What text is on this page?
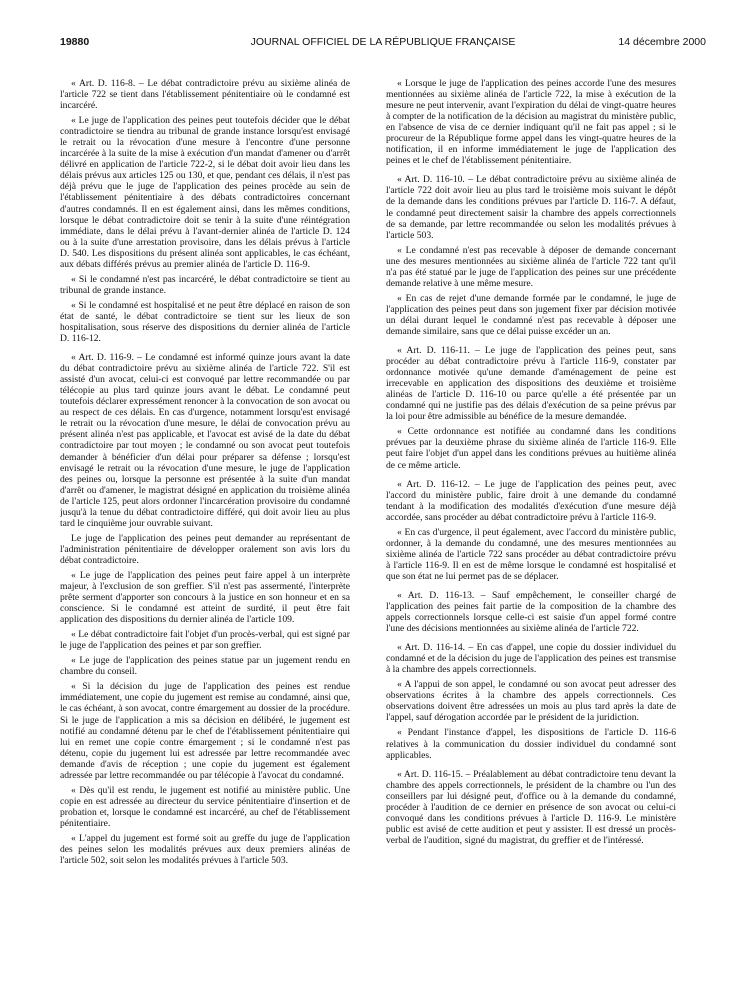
19880	JOURNAL OFFICIEL DE LA RÉPUBLIQUE FRANÇAISE	14 décembre 2000

« Art. D. 116-8. – Le débat contradictoire prévu au sixième alinéa de l'article 722 se tient dans l'établissement pénitentiaire où le condamné est incarcéré.

« Le juge de l'application des peines peut toutefois décider que le débat contradictoire se tiendra au tribunal de grande instance lorsqu'est envisagé le retrait ou la révocation d'une mesure à l'encontre d'une personne incarcérée à la suite de la mise à exécution d'un mandat d'amener ou d'arrêt délivré en application de l'article 722-2, si le débat doit avoir lieu dans les délais prévus aux articles 125 ou 130, et que, pendant ces délais, il n'est pas déjà prévu que le juge de l'application des peines procède au sein de l'établissement pénitentiaire à des débats contradictoires concernant d'autres condamnés. Il en est également ainsi, dans les mêmes conditions, lorsque le débat contradictoire doit se tenir à la suite d'une réintégration immédiate, dans le délai prévu à l'avant-dernier alinéa de l'article D. 124 ou à la suite d'une arrestation provisoire, dans les délais prévus à l'article D. 540. Les dispositions du présent alinéa sont applicables, le cas échéant, aux débats différés prévus au premier alinéa de l'article D. 116-9.

« Si le condamné n'est pas incarcéré, le débat contradictoire se tient au tribunal de grande instance.

« Si le condamné est hospitalisé et ne peut être déplacé en raison de son état de santé, le débat contradictoire se tient sur les lieux de son hospitalisation, sous réserve des dispositions du dernier alinéa de l'article D. 116-12.

« Art. D. 116-9. – Le condamné est informé quinze jours avant la date du débat contradictoire prévu au sixième alinéa de l'article 722. S'il est assisté d'un avocat, celui-ci est convoqué par lettre recommandée ou par télécopie au plus tard quinze jours avant le débat. Le condamné peut toutefois déclarer expressément renoncer à la convocation de son avocat ou au respect de ces délais. En cas d'urgence, notamment lorsqu'est envisagé le retrait ou la révocation d'une mesure, le délai de convocation prévu au présent alinéa n'est pas applicable, et l'avocat est avisé de la date du débat contradictoire par tout moyen ; le condamné ou son avocat peut toutefois demander à bénéficier d'un délai pour préparer sa défense ; lorsqu'est envisagé le retrait ou la révocation d'une mesure, le juge de l'application des peines ou, lorsque la personne est présentée à la suite d'un mandat d'arrêt ou d'amener, le magistrat désigné en application du troisième alinéa de l'article 125, peut alors ordonner l'incarcération provisoire du condamné jusqu'à la tenue du débat contradictoire différé, qui doit avoir lieu au plus tard le cinquième jour ouvrable suivant.

Le juge de l'application des peines peut demander au représentant de l'administration pénitentiaire de développer oralement son avis lors du débat contradictoire.

« Le juge de l'application des peines peut faire appel à un interprète majeur, à l'exclusion de son greffier. S'il n'est pas assermenté, l'interprète prête serment d'apporter son concours à la justice en son honneur et en sa conscience. Si le condamné est atteint de surdité, il peut être fait application des dispositions du dernier alinéa de l'article 109.

« Le débat contradictoire fait l'objet d'un procès-verbal, qui est signé par le juge de l'application des peines et par son greffier.

« Le juge de l'application des peines statue par un jugement rendu en chambre du conseil.

« Si la décision du juge de l'application des peines est rendue immédiatement, une copie du jugement est remise au condamné, ainsi que, le cas échéant, à son avocat, contre émargement au dossier de la procédure. Si le juge de l'application a mis sa décision en délibéré, le jugement est notifié au condamné détenu par le chef de l'établissement pénitentiaire qui lui en remet une copie contre émargement ; si le condamné n'est pas détenu, copie du jugement lui est adressée par lettre recommandée avec demande d'avis de réception ; une copie du jugement est également adressée par lettre recommandée ou par télécopie à l'avocat du condamné.

« Dès qu'il est rendu, le jugement est notifié au ministère public. Une copie en est adressée au directeur du service pénitentiaire d'insertion et de probation et, lorsque le condamné est incarcéré, au chef de l'établissement pénitentiaire.

« L'appel du jugement est formé soit au greffe du juge de l'application des peines selon les modalités prévues aux deux premiers alinéas de l'article 502, soit selon les modalités prévues à l'article 503.

« Lorsque le juge de l'application des peines accorde l'une des mesures mentionnées au sixième alinéa de l'article 722, la mise à exécution de la mesure ne peut intervenir, avant l'expiration du délai de vingt-quatre heures à compter de la notification de la décision au magistrat du ministère public, en l'absence de visa de ce dernier indiquant qu'il ne fait pas appel ; si le procureur de la République forme appel dans les vingt-quatre heures de la notification, il en informe immédiatement le juge de l'application des peines et le chef de l'établissement pénitentiaire.

« Art. D. 116-10. – Le débat contradictoire prévu au sixième alinéa de l'article 722 doit avoir lieu au plus tard le troisième mois suivant le dépôt de la demande dans les conditions prévues par l'article D. 116-7. A défaut, le condamné peut directement saisir la chambre des appels correctionnels de sa demande, par lettre recommandée ou selon les modalités prévues à l'article 503.

« Le condamné n'est pas recevable à déposer de demande concernant une des mesures mentionnées au sixième alinéa de l'article 722 tant qu'il n'a pas été statué par le juge de l'application des peines sur une précédente demande relative à une même mesure.

« En cas de rejet d'une demande formée par le condamné, le juge de l'application des peines peut dans son jugement fixer par décision motivée un délai durant lequel le condamné n'est pas recevable à déposer une demande similaire, sans que ce délai puisse excéder un an.

« Art. D. 116-11. – Le juge de l'application des peines peut, sans procéder au débat contradictoire prévu à l'article 116-9, constater par ordonnance motivée qu'une demande d'aménagement de peine est irrecevable en application des dispositions des deuxième et troisième alinéas de l'article D. 116-10 ou parce qu'elle a été présentée par un condamné qui ne justifie pas des délais d'exécution de sa peine prévus par la loi pour être admissible au bénéfice de la mesure demandée.

« Cette ordonnance est notifiée au condamné dans les conditions prévues par la deuxième phrase du sixième alinéa de l'article 116-9. Elle peut faire l'objet d'un appel dans les conditions prévues au huitième alinéa de ce même article.

« Art. D. 116-12. – Le juge de l'application des peines peut, avec l'accord du ministère public, faire droit à une demande du condamné tendant à la modification des modalités d'exécution d'une mesure déjà accordée, sans procéder au débat contradictoire prévu à l'article 116-9.

« En cas d'urgence, il peut également, avec l'accord du ministère public, ordonner, à la demande du condamné, une des mesures mentionnées au sixième alinéa de l'article 722 sans procéder au débat contradictoire prévu à l'article 116-9. Il en est de même lorsque le condamné est hospitalisé et que son état ne lui permet pas de se déplacer.

« Art. D. 116-13. – Sauf empêchement, le conseiller chargé de l'application des peines fait partie de la composition de la chambre des appels correctionnels lorsque celle-ci est saisie d'un appel formé contre l'une des décisions mentionnées au sixième alinéa de l'article 722.

« Art. D. 116-14. – En cas d'appel, une copie du dossier individuel du condamné et de la décision du juge de l'application des peines est transmise à la chambre des appels correctionnels.

« A l'appui de son appel, le condamné ou son avocat peut adresser des observations écrites à la chambre des appels correctionnels. Ces observations doivent être adressées un mois au plus tard après la date de l'appel, sauf dérogation accordée par le président de la juridiction.

« Pendant l'instance d'appel, les dispositions de l'article D. 116-6 relatives à la communication du dossier individuel du condamné sont applicables.

« Art. D. 116-15. – Préalablement au débat contradictoire tenu devant la chambre des appels correctionnels, le président de la chambre ou l'un des conseillers par lui désigné peut, d'office ou à la demande du condamné, procéder à l'audition de ce dernier en présence de son avocat ou celui-ci convoqué dans les conditions prévues à l'article D. 116-9. Le ministère public est avisé de cette audition et peut y assister. Il est dressé un procès-verbal de l'audition, signé du magistrat, du greffier et de l'intéressé.
